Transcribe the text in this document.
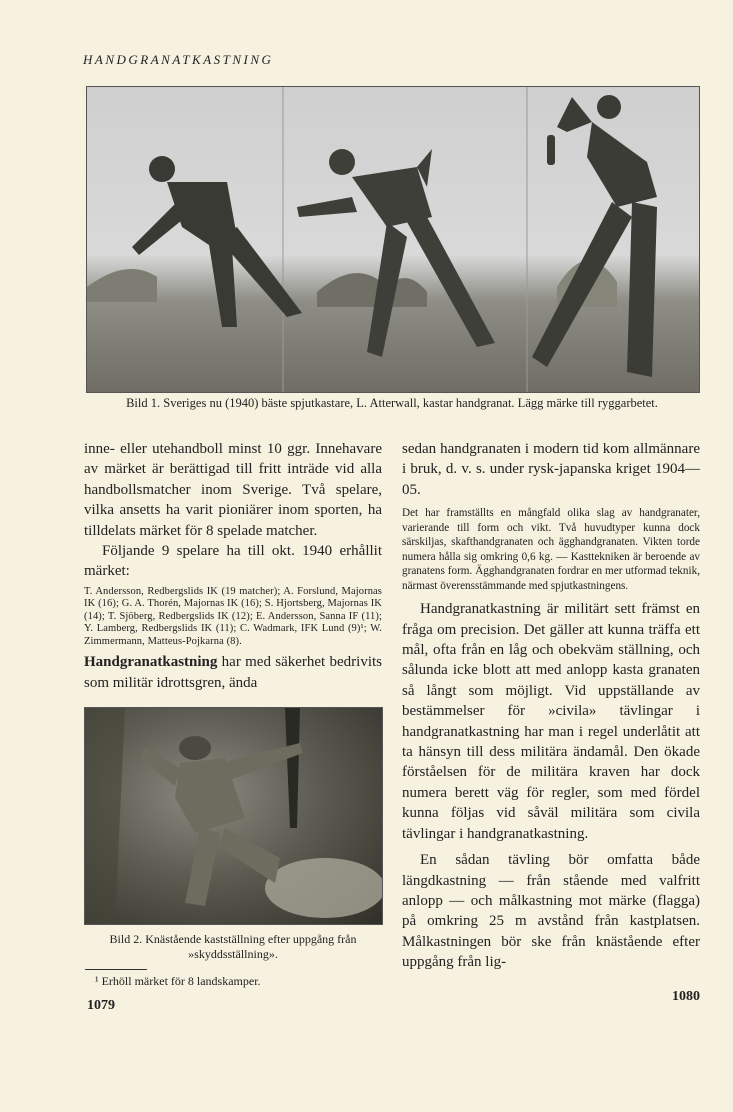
HANDGRANATKASTNING
Bild 1. Sveriges nu (1940) bäste spjutkastare, L. Atterwall, kastar handgranat. Lägg märke till ryggarbetet.

inne- eller utehandboll minst 10 ggr. Innehavare av märket är berättigad till fritt inträde vid alla handbollsmatcher inom Sverige. Två spelare, vilka ansetts ha varit pioniärer inom sporten, ha tilldelats märket för 8 spelade matcher.

Följande 9 spelare ha till okt. 1940 erhållit märket:

T. Andersson, Redbergslids IK (19 matcher); A. Forslund, Majornas IK (16); G. A. Thorén, Majornas IK (16); S. Hjortsberg, Majornas IK (14); T. Sjöberg, Redbergslids IK (12); E. Andersson, Sanna IF (11); Y. Lamberg, Redbergslids IK (11); C. Wadmark, IFK Lund (9)¹; W. Zimmermann, Matteus-Pojkarna (8).

Handgranatkastning har med säkerhet bedrivits som militär idrottsgren, ända

Bild 2. Knästående kastställning efter uppgång från »skyddsställning».
¹ Erhöll märket för 8 landskamper.
1079

sedan handgranaten i modern tid kom allmännare i bruk, d. v. s. under rysk-japanska kriget 1904—05.

Det har framställts en mångfald olika slag av handgranater, varierande till form och vikt. Två huvudtyper kunna dock särskiljas, skafthandgranaten och ägghandgranaten. Vikten torde numera hålla sig omkring 0,6 kg. — Kasttekniken är beroende av granatens form. Ägghandgranaten fordrar en mer utformad teknik, närmast överensstämmande med spjutkastningens.

Handgranatkastning är militärt sett främst en fråga om precision. Det gäller att kunna träffa ett mål, ofta från en låg och obekväm ställning, och sålunda icke blott att med anlopp kasta granaten så långt som möjligt. Vid uppställande av bestämmelser för »civila» tävlingar i handgranatkastning har man i regel underlåtit att ta hänsyn till dess militära ändamål. Den ökade förståelsen för de militära kraven har dock numera berett väg för regler, som med fördel kunna följas vid såväl militära som civila tävlingar i handgranatkastning.

En sådan tävling bör omfatta både längdkastning — från stående med valfritt anlopp — och målkastning mot märke (flagga) på omkring 25 m avstånd från kastplatsen. Målkastningen bör ske från knästående efter uppgång från lig-

1080
